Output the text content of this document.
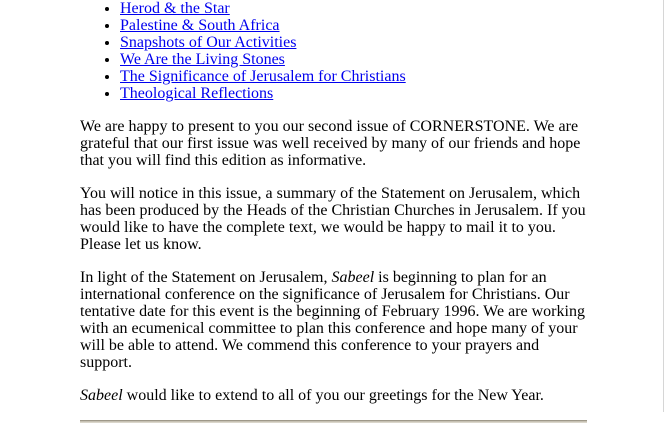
• Herod & the Star
• Palestine & South Africa
• Snapshots of Our Activities
• We Are the Living Stones
• The Significance of Jerusalem for Christians
• Theological Reflections

We are happy to present to you our second issue of CORNERSTONE. We are grateful that our first issue was well received by many of our friends and hope that you will find this edition as informative.

You will notice in this issue, a summary of the Statement on Jerusalem, which has been produced by the Heads of the Christian Churches in Jerusalem. If you would like to have the complete text, we would be happy to mail it to you. Please let us know.

In light of the Statement on Jerusalem, Sabeel is beginning to plan for an international conference on the significance of Jerusalem for Christians. Our tentative date for this event is the beginning of February 1996. We are working with an ecumenical committee to plan this conference and hope many of your will be able to attend. We commend this conference to your prayers and support.

Sabeel would like to extend to all of you our greetings for the New Year.
